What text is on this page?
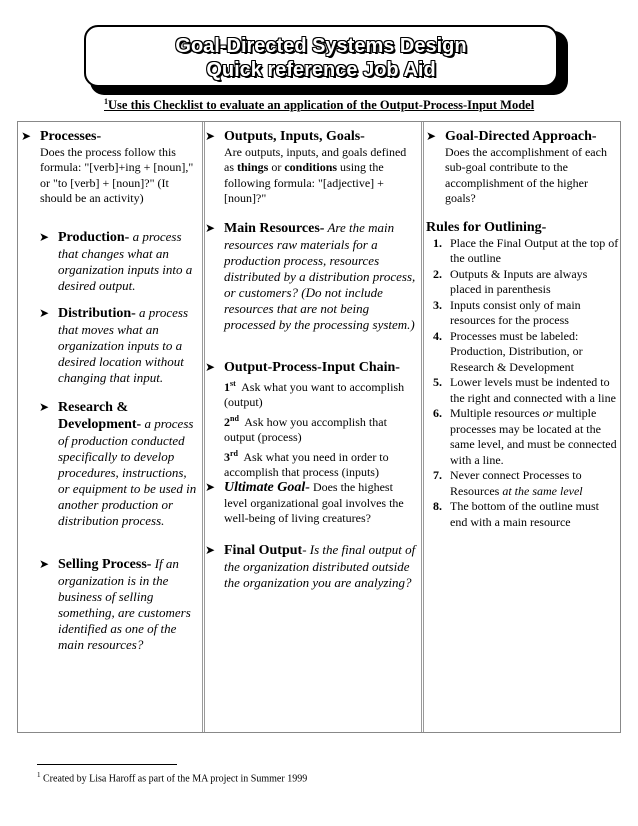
Goal-Directed Systems Design
Quick reference Job Aid
$^1$Use this Checklist to evaluate an application of the Output-Process-Input Model
➤ Processes-
Does the process follow this formula: "[verb]+ing + [noun]," or "to [verb] + [noun]?" (It should be an activity)
➤ Production- a process that changes what an organization inputs into a desired output.
➤ Distribution- a process that moves what an organization inputs to a desired location without changing that input.
➤ Research & Development- a process of production conducted specifically to develop procedures, instructions, or equipment to be used in another production or distribution process.
➤ Selling Process- If an organization is in the business of selling something, are customers identified as one of the main resources?
➤ Outputs, Inputs, Goals-
Are outputs, inputs, and goals defined as things or conditions using the following formula: "[adjective] + [noun]?"
➤ Main Resources- Are the main resources raw materials for a production process, resources distributed by a distribution process, or customers? (Do not include resources that are not being processed by the processing system.)
➤ Output-Process-Input Chain-
1st Ask what you want to accomplish (output)
2nd Ask how you accomplish that output (process)
3rd Ask what you need in order to accomplish that process (inputs)
➤ Ultimate Goal- Does the highest level organizational goal involves the well-being of living creatures?
➤ Final Output- Is the final output of the organization distributed outside the organization you are analyzing?
➤ Goal-Directed Approach-
Does the accomplishment of each sub-goal contribute to the accomplishment of the higher goals?
Rules for Outlining-
1. Place the Final Output at the top of the outline
2. Outputs & Inputs are always placed in parenthesis
3. Inputs consist only of main resources for the process
4. Processes must be labeled: Production, Distribution, or Research & Development
5. Lower levels must be indented to the right and connected with a line
6. Multiple resources or multiple processes may be located at the same level, and must be connected with a line.
7. Never connect Processes to Resources at the same level
8. The bottom of the outline must end with a main resource
$^1$ Created by Lisa Haroff as part of the MA project in Summer 1999
